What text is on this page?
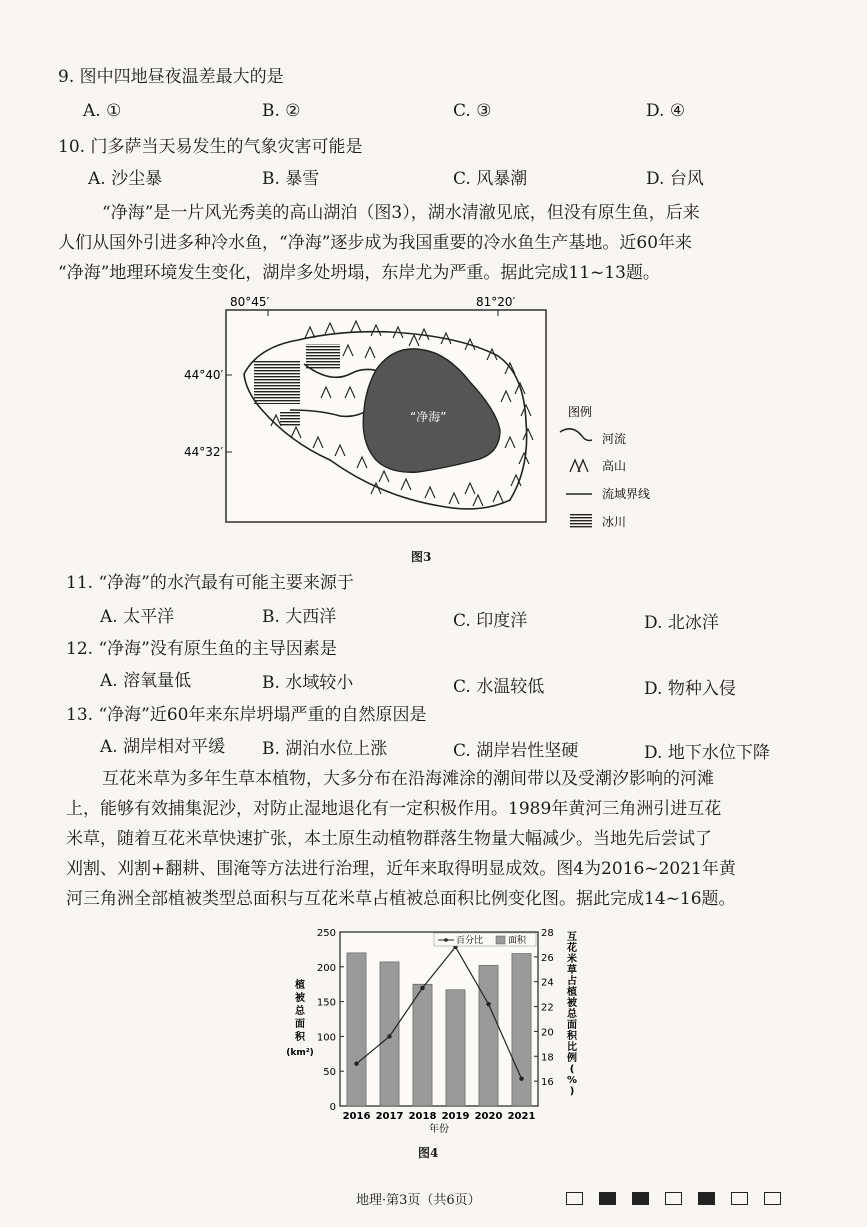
9. 图中四地昼夜温差最大的是
A. ①	B. ②	C. ③	D. ④
10. 门多萨当天易发生的气象灾害可能是
A. 沙尘暴	B. 暴雪	C. 风暴潮	D. 台风
“净海”是一片风光秀美的高山湖泊（图3），湖水清澈见底，但没有原生鱼，后来
人们从国外引进多种冷水鱼，“净海”逐步成为我国重要的冷水鱼生产基地。近60年来
“净海”地理环境发生变化，湖岸多处坍塌，东岸尤为严重。据此完成11~13题。
80°45′	81°20′
44°40′
44°32′
“净海”	图例
河流
高山
流域界线
冰川
图3
11. “净海”的水汽最有可能主要来源于
A. 太平洋	B. 大西洋	C. 印度洋	D. 北冰洋
12. “净海”没有原生鱼的主导因素是
A. 溶氧量低	B. 水域较小	C. 水温较低	D. 物种入侵
13. “净海”近60年来东岸坍塌严重的自然原因是
A. 湖岸相对平缓 B. 湖泊水位上涨	C. 湖岸岩性坚硬	D. 地下水位下降
互花米草为多年生草本植物，大多分布在沿海滩涂的潮间带以及受潮汐影响的河滩
上，能够有效捕集泥沙，对防止湿地退化有一定积极作用。1989年黄河三角洲引进互花
米草，随着互花米草快速扩张，本土原生动植物群落生物量大幅减少。当地先后尝试了
刈割、刈割+翻耕、围淹等方法进行治理，近年来取得明显成效。图4为2016~2021年黄
河三角洲全部植被类型总面积与互花米草占植被总面积比例变化图。据此完成14~16题。
0
50
100
150
200
250
16
18
20
22
24
26
28
2016 2017 2018 2019 2020 2021
年份
植被总面积(km²)
互花米草占植被总面积比例( % )
百分比	面积
图4
地理·第3页（共6页）
